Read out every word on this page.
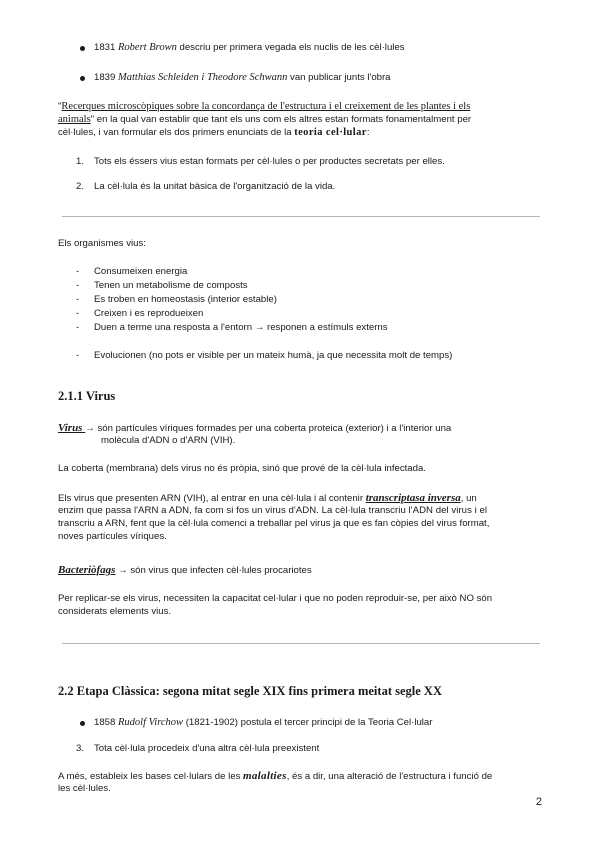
1831 Robert Brown descriu per primera vegada els nuclis de les cèl·lules
1839 Matthias Schleiden i Theodore Schwann van publicar junts l'obra
"Recerques microscòpiques sobre la concordança de l'estructura i el creixement de les plantes i els
animals" en la qual van establir que tant els uns com els altres estan formats fonamentalment per
cèl·lules, i van formular els dos primers enunciats de la teoria cel·lular:
1. Tots els éssers vius estan formats per cèl·lules o per productes secretats per elles.
2. La cèl·lula és la unitat bàsica de l'organització de la vida.
Els organismes vius:
- Consumeixen energia
- Tenen un metabolisme de composts
- Es troben en homeostasis (interior estable)
- Creixen i es reprodueixen
- Duen a terme una resposta a l'entorn → responen a estímuls externs
- Evolucionen (no pots er visible per un mateix humà, ja que necessita molt de temps)
2.1.1 Virus
Virus → són partícules víriques formades per una coberta proteica (exterior) i a l'interior una
molècula d'ADN o d'ARN (VIH).
La coberta (membrana) dels virus no és pròpia, sinó que prové de la cèl·lula infectada.
Els virus que presenten ARN (VIH), al entrar en una cèl·lula i al contenir transcriptasa inversa, un
enzim que passa l'ARN a ADN, fa com si fos un virus d'ADN. La cèl·lula transcriu l'ADN del virus i el
transcriu a ARN, fent que la cèl·lula comenci a treballar pel virus ja que es fan còpies del virus format,
noves partícules víriques.
Bacteriòfags → són virus que infecten cèl·lules procariotes
Per replicar-se els virus, necessiten la capacitat cel·lular i que no poden reproduir-se, per això NO són
considerats elements vius.
2.2 Etapa Clàssica: segona mitat segle XIX fins primera meitat segle XX
1858 Rudolf Virchow (1821-1902) postula el tercer principi de la Teoria Cel·lular
3. Tota cèl·lula procedeix d'una altra cèl·lula preexistent
A més, estableix les bases cel·lulars de les malalties, és a dir, una alteració de l'estructura i funció de
les cèl·lules.
2
